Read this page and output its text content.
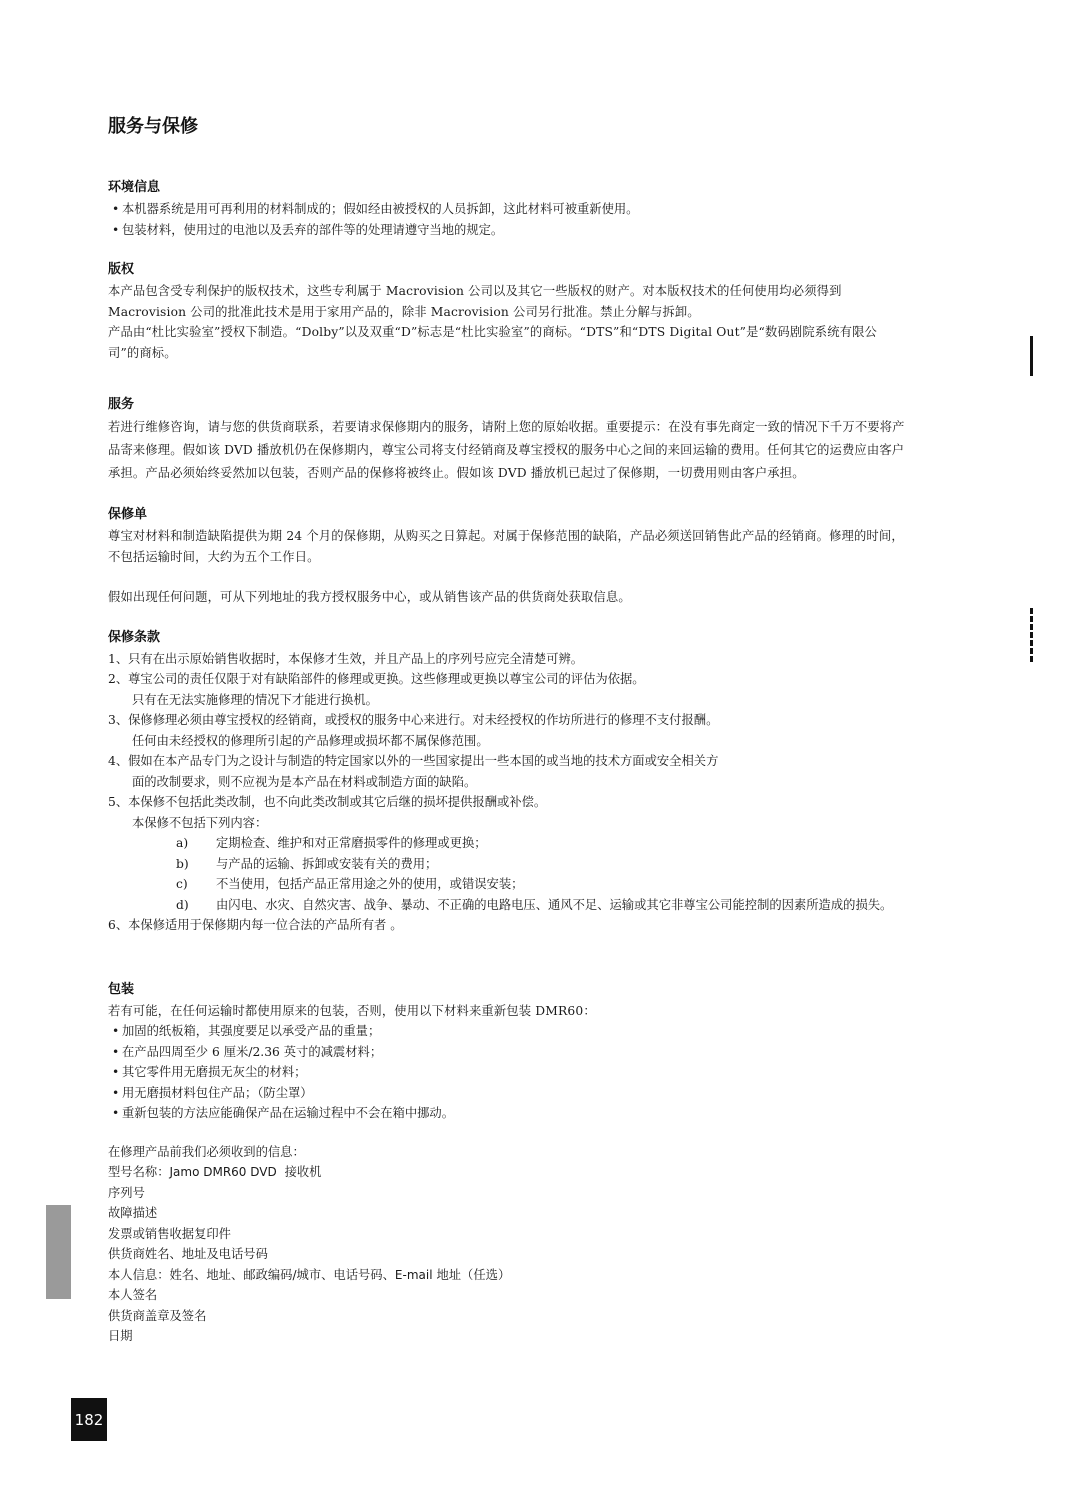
182
服务与保修
环境信息

• 本机器系统是用可再利用的材料制成的；假如经由被授权的人员拆卸，这此材料可被重新使用。

• 包装材料，使用过的电池以及丢弃的部件等的处理请遵守当地的规定。

版权

本产品包含受专利保护的版权技术，这些专利属于 Macrovision 公司以及其它一些版权的财产。对本版权技术的任何使用均必须得到 Macrovision 公司的批准此技术是用于家用产品的，除非 Macrovision 公司另行批准。禁止分解与拆卸。

产品由“杜比实验室”授权下制造。“Dolby”以及双重“D”标志是“杜比实验室”的商标。“DTS”和“DTS Digital Out”是“数码剧院系统有限公司”的商标。

服务

若进行维修咨询，请与您的供货商联系，若要请求保修期内的服务，请附上您的原始收据。重要提示：在没有事先商定一致的情况下千万不要将产品寄来修理。假如该 DVD 播放机仍在保修期内，尊宝公司将支付经销商及尊宝授权的服务中心之间的来回运输的费用。任何其它的运费应由客户承担。产品必须始终妥然加以包装，否则产品的保修将被终止。假如该 DVD 播放机已起过了保修期，一切费用则由客户承担。

保修单

尊宝对材料和制造缺陷提供为期 24 个月的保修期，从购买之日算起。对属于保修范围的缺陷，产品必须送回销售此产品的经销商。修理的时间，不包括运输时间，大约为五个工作日。

假如出现任何问题，可从下列地址的我方授权服务中心，或从销售该产品的供货商处获取信息。

保修条款

1、只有在出示原始销售收据时，本保修才生效，并且产品上的序列号应完全清楚可辨。

2、尊宝公司的责任仅限于对有缺陷部件的修理或更换。这些修理或更换以尊宝公司的评估为依据。
只有在无法实施修理的情况下才能进行换机。

3、保修修理必须由尊宝授权的经销商，或授权的服务中心来进行。对未经授权的作坊所进行的修理不支付报酬。
任何由未经授权的修理所引起的产品修理或损坏都不属保修范围。

4、假如在本产品专门为之设计与制造的特定国家以外的一些国家提出一些本国的或当地的技术方面或安全相关方
面的改制要求，则不应视为是本产品在材料或制造方面的缺陷。

5、本保修不包括此类改制，也不向此类改制或其它后继的损坏提供报酬或补偿。
本保修不包括下列内容：

a)	定期检查、维护和对正常磨损零件的修理或更换；
b)	与产品的运输、拆卸或安装有关的费用；
c)	不当使用，包括产品正常用途之外的使用，或错误安装；
d)	由闪电、水灾、自然灾害、战争、暴动、不正确的电路电压、通风不足、运输或其它非尊宝公司能控制的因素所造成的损失。

6、本保修适用于保修期内每一位合法的产品所有者 。

包装

若有可能，在任何运输时都使用原来的包装，否则，使用以下材料来重新包装 DMR60：

• 加固的纸板箱，其强度要足以承受产品的重量；

• 在产品四周至少 6 厘米/2.36 英寸的减震材料；

• 其它零件用无磨损无灰尘的材料；

• 用无磨损材料包住产品；（防尘罩）

• 重新包装的方法应能确保产品在运输过程中不会在箱中挪动。

在修理产品前我们必须收到的信息：

型号名称：Jamo DMR60 DVD 接收机

序列号

故障描述

发票或销售收据复印件

供货商姓名、地址及电话号码

本人信息：姓名、地址、邮政编码/城市、电话号码、E-mail 地址（任选）

本人签名

供货商盖章及签名

日期
